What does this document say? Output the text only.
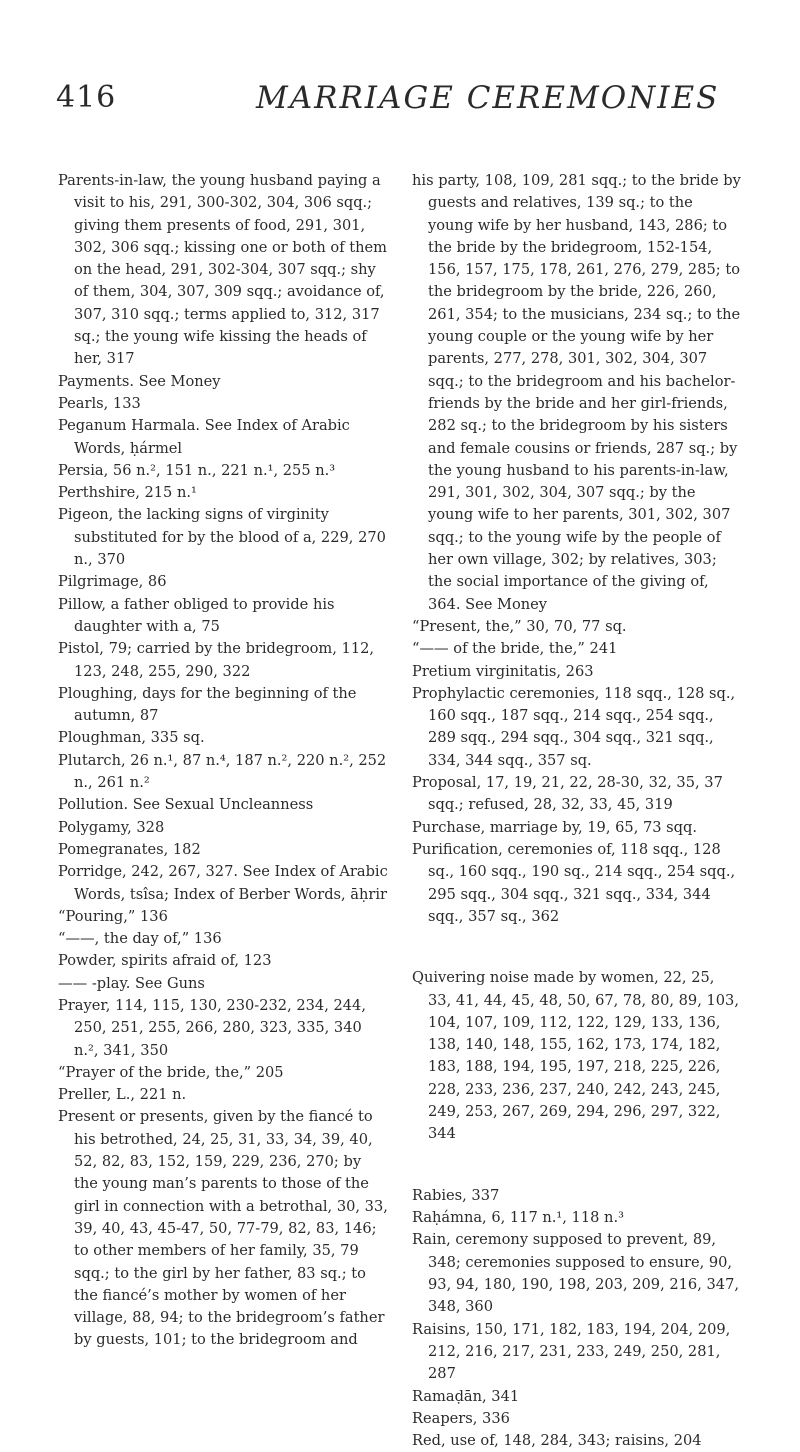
416	MARRIAGE CEREMONIES

Parents-in-law, the young husband paying a visit to his, 291, 300-302, 304, 306 sqq.; giving them presents of food, 291, 301, 302, 306 sqq.; kissing one or both of them on the head, 291, 302-304, 307 sqq.; shy of them, 304, 307, 309 sqq.; avoidance of, 307, 310 sqq.; terms applied to, 312, 317 sq.; the young wife kissing the heads of her, 317

Payments. See Money

Pearls, 133

Peganum Harmala. See Index of Arabic Words, ḥármel

Persia, 56 n.², 151 n., 221 n.¹, 255 n.³

Perthshire, 215 n.¹

Pigeon, the lacking signs of virginity substituted for by the blood of a, 229, 270 n., 370

Pilgrimage, 86

Pillow, a father obliged to provide his daughter with a, 75

Pistol, 79; carried by the bridegroom, 112, 123, 248, 255, 290, 322

Ploughing, days for the beginning of the autumn, 87

Ploughman, 335 sq.

Plutarch, 26 n.¹, 87 n.⁴, 187 n.², 220 n.², 252 n., 261 n.²

Pollution. See Sexual Uncleanness

Polygamy, 328

Pomegranates, 182

Porridge, 242, 267, 327. See Index of Arabic Words, tsîsa; Index of Berber Words, āḥrir

“Pouring,” 136

“——, the day of,” 136

Powder, spirits afraid of, 123

—— -play. See Guns

Prayer, 114, 115, 130, 230-232, 234, 244, 250, 251, 255, 266, 280, 323, 335, 340 n.², 341, 350

“Prayer of the bride, the,” 205

Preller, L., 221 n.

Present or presents, given by the fiancé to his betrothed, 24, 25, 31, 33, 34, 39, 40, 52, 82, 83, 152, 159, 229, 236, 270; by the young man’s parents to those of the girl in connection with a betrothal, 30, 33, 39, 40, 43, 45-47, 50, 77-79, 82, 83, 146; to other members of her family, 35, 79 sqq.; to the girl by her father, 83 sq.; to the fiancé’s mother by women of her village, 88, 94; to the bridegroom’s father by guests, 101; to the bridegroom and

his party, 108, 109, 281 sqq.; to the bride by guests and relatives, 139 sq.; to the young wife by her husband, 143, 286; to the bride by the bridegroom, 152-154, 156, 157, 175, 178, 261, 276, 279, 285; to the bridegroom by the bride, 226, 260, 261, 354; to the musicians, 234 sq.; to the young couple or the young wife by her parents, 277, 278, 301, 302, 304, 307 sqq.; to the bridegroom and his bachelor-friends by the bride and her girl-friends, 282 sq.; to the bridegroom by his sisters and female cousins or friends, 287 sq.; by the young husband to his parents-in-law, 291, 301, 302, 304, 307 sqq.; by the young wife to her parents, 301, 302, 307 sqq.; to the young wife by the people of her own village, 302; by relatives, 303; the social importance of the giving of, 364. See Money

“Present, the,” 30, 70, 77 sq.

“—— of the bride, the,” 241

Pretium virginitatis, 263

Prophylactic ceremonies, 118 sqq., 128 sq., 160 sqq., 187 sqq., 214 sqq., 254 sqq., 289 sqq., 294 sqq., 304 sqq., 321 sqq., 334, 344 sqq., 357 sq.

Proposal, 17, 19, 21, 22, 28-30, 32, 35, 37 sqq.; refused, 28, 32, 33, 45, 319

Purchase, marriage by, 19, 65, 73 sqq.

Purification, ceremonies of, 118 sqq., 128 sq., 160 sqq., 190 sq., 214 sqq., 254 sqq., 295 sqq., 304 sqq., 321 sqq., 334, 344 sqq., 357 sq., 362

Quivering noise made by women, 22, 25, 33, 41, 44, 45, 48, 50, 67, 78, 80, 89, 103, 104, 107, 109, 112, 122, 129, 133, 136, 138, 140, 148, 155, 162, 173, 174, 182, 183, 188, 194, 195, 197, 218, 225, 226, 228, 233, 236, 237, 240, 242, 243, 245, 249, 253, 267, 269, 294, 296, 297, 322, 344

Rabies, 337

Raḥámna, 6, 117 n.¹, 118 n.³

Rain, ceremony supposed to prevent, 89, 348; ceremonies supposed to ensure, 90, 93, 94, 180, 190, 198, 203, 209, 216, 347, 348, 360

Raisins, 150, 171, 182, 183, 194, 204, 209, 212, 216, 217, 231, 233, 249, 250, 281, 287

Ramaḍān, 341

Reapers, 336

Red, use of, 148, 284, 343; raisins, 204
